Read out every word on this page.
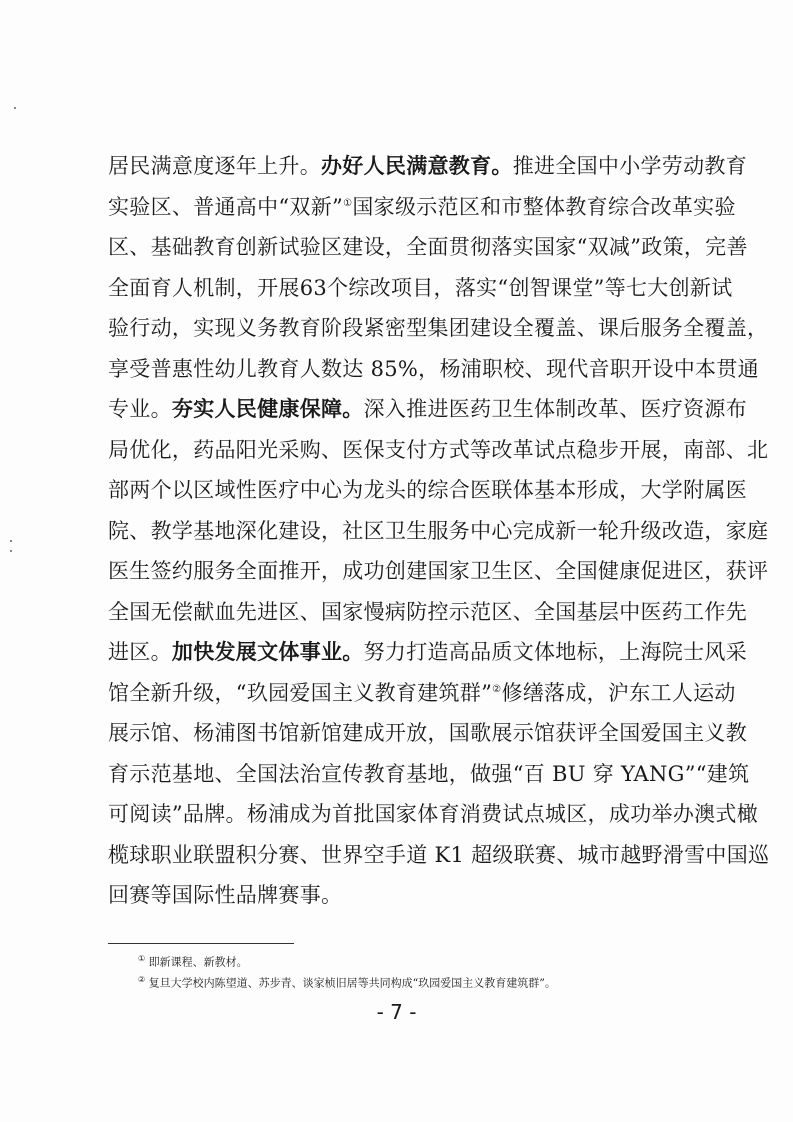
居民满意度逐年上升。办好人民满意教育。推进全国中小学劳动教育
实验区、普通高中“双新”①国家级示范区和市整体教育综合改革实验
区、基础教育创新试验区建设，全面贯彻落实国家“双减”政策，完善
全面育人机制，开展63个综改项目，落实“创智课堂”等七大创新试
验行动，实现义务教育阶段紧密型集团建设全覆盖、课后服务全覆盖，
享受普惠性幼儿教育人数达 85%，杨浦职校、现代音职开设中本贯通
专业。夯实人民健康保障。深入推进医药卫生体制改革、医疗资源布
局优化，药品阳光采购、医保支付方式等改革试点稳步开展，南部、北
部两个以区域性医疗中心为龙头的综合医联体基本形成，大学附属医
院、教学基地深化建设，社区卫生服务中心完成新一轮升级改造，家庭
医生签约服务全面推开，成功创建国家卫生区、全国健康促进区，获评
全国无偿献血先进区、国家慢病防控示范区、全国基层中医药工作先
进区。加快发展文体事业。努力打造高品质文体地标，上海院士风采
馆全新升级，“玖园爱国主义教育建筑群”②修缮落成，沪东工人运动
展示馆、杨浦图书馆新馆建成开放，国歌展示馆获评全国爱国主义教
育示范基地、全国法治宣传教育基地，做强“百 BU 穿 YANG”“建筑
可阅读”品牌。杨浦成为首批国家体育消费试点城区，成功举办澳式橄
榄球职业联盟积分赛、世界空手道 K1 超级联赛、城市越野滑雪中国巡
回赛等国际性品牌赛事。
① 即新课程、新教材。
② 复旦大学校内陈望道、苏步青、谈家桢旧居等共同构成“玖园爱国主义教育建筑群”。
- 7 -
